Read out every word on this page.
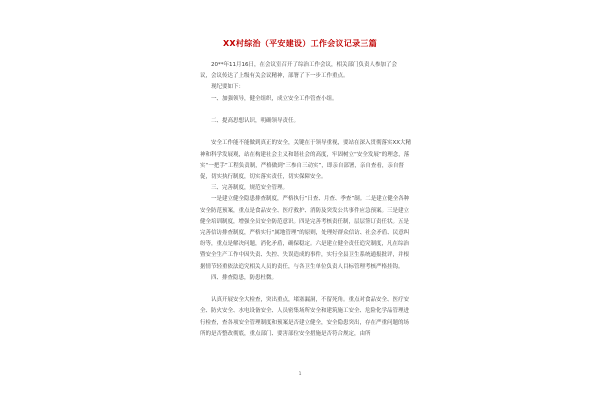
XX村综治（平安建设）工作会议记录三篇

20**年11月16日，在会议室召开了综治工作会议，相关部门负责人参加了会

议，会议传达了上级有关会议精神，部署了下一步工作重点。

现纪要如下：

一、加强领导，健全组织，成立安全工作管查小组。

二、提高思想认识，明确领导责任。

安全工作能不能做到真正的安全，关键在于领导重视，要站在深入贯彻落实XX大精神和科学发展观，站在构建社会主义和谐社会的高度，牢固树立“安全发展”的理念，落实“一把手”工程负责制，严格做到“三参自三动实”，即亲自部署，亲自查看，亲自督促，切实执行制度，切实落实责任，切实保障安全。

三、完善制度，规范安全管理。

一是建立健全隐患排查制度，严格执行“日查、月查、季查”制。二是建立健全各种安全防范预案，重点是食品安全、医疗救护、消防及突发公共事件应急预案。三是建立健全培训制度，增强全员安全防范意识。四是完善考核责任制，层层签订责任状。五是完善信访排查制度，严格实行“属地管理”的原则，处理好群众信访、社会矛盾、民意纠纷等，重点是解决问题，消化矛盾，确保稳定。六是建立健全责任追究制度，凡在综治暨安全生产工作中因失责、失控、失误造成的事件，实行全县卫生系统通报批评，并根据情节轻重依法追究相关人员的责任，与各卫生单位负责人目标管理考核严格挂钩。

四、排查隐患，防患杜微。

认真开展安全大检查，突出重点，堵塞漏洞，不留死角。重点对食品安全、医疗安全、防火安全、水电设备安全、人员密集场所安全和建筑施工安全、危险化学品管理进行检查，查各项安全管理制度和预案是否建立健全，安全隐患突出，存在严重问题的场所的是否整改彻底，重点部门、要害部位安全措施是否符合规定，由所

1
